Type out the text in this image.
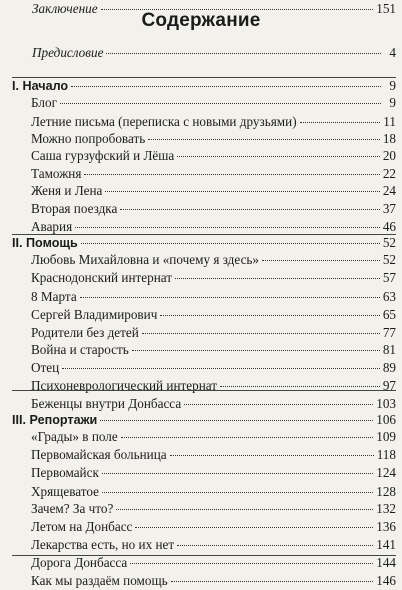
Содержание
Предисловие	4
I. Начало	9
Блог	9
Летние письма (переписка с новыми друзьями)	11
Можно попробовать	18
Саша гурзуфский и Лёша	20
Таможня	22
Женя и Лена	24
Вторая поездка	37
Авария	46
II. Помощь	52
Любовь Михайловна и «почему я здесь»	52
Краснодонский интернат	57
8 Марта	63
Сергей Владимирович	65
Родители без детей	77
Война и старость	81
Отец	89
Психоневрологический интернат	97
Беженцы внутри Донбасса	103
III. Репортажи	106
«Грады» в поле	109
Первомайская больница	118
Первомайск	124
Хрящеватое	128
Зачем? За что?	132
Летом на Донбасс	136
Лекарства есть, но их нет	141
Дорога Донбасса	144
Как мы раздаём помощь	146
Заключение	151
